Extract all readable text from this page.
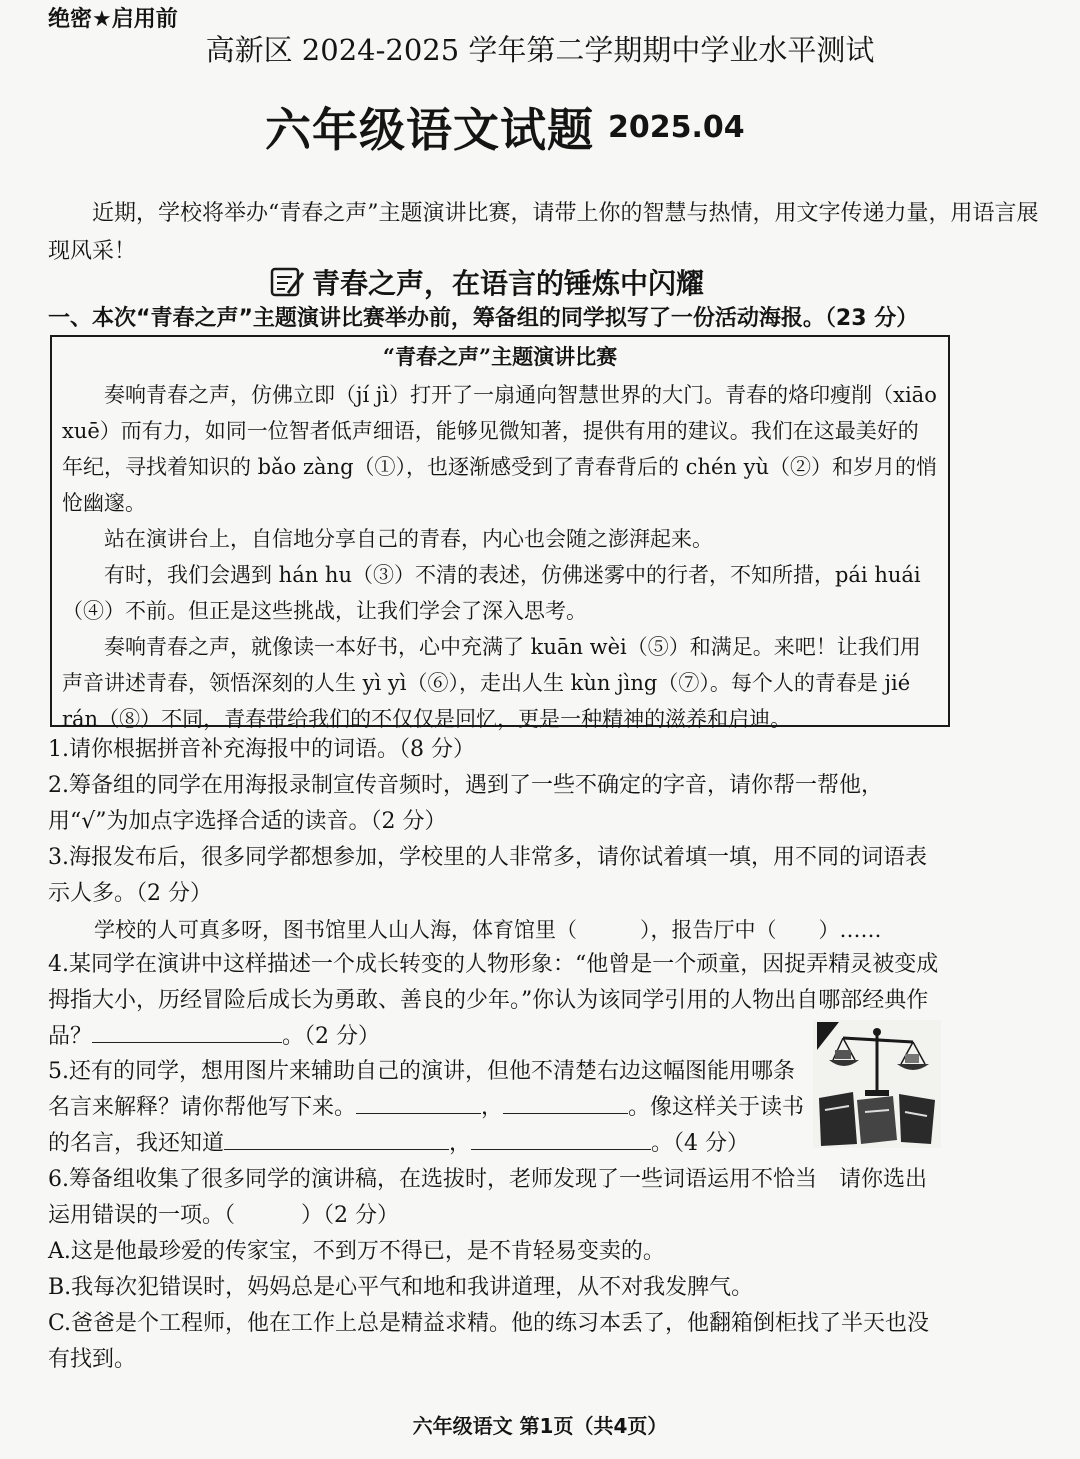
绝密★启用前
高新区 2024-2025 学年第二学期期中学业水平测试
六年级语文试题 2025.04
近期，学校将举办“青春之声”主题演讲比赛，请带上你的智慧与热情，用文字传递力量，用语言展现风采！
青春之声，在语言的锤炼中闪耀
一、本次“青春之声”主题演讲比赛举办前，筹备组的同学拟写了一份活动海报。（23 分）
“青春之声”主题演讲比赛

奏响青春之声，仿佛立即（jí jì）打开了一扇通向智慧世界的大门。青春的烙印瘦削（xiāo xuē）而有力，如同一位智者低声细语，能够见微知著，提供有用的建议。我们在这最美好的年纪，寻找着知识的 bǎo zàng（①），也逐渐感受到了青春背后的 chén yù（②）和岁月的悄怆幽邃。

站在演讲台上，自信地分享自己的青春，内心也会随之澎湃起来。

有时，我们会遇到 hán hu（③）不清的表述，仿佛迷雾中的行者，不知所措，pái huái（④）不前。但正是这些挑战，让我们学会了深入思考。

奏响青春之声，就像读一本好书，心中充满了 kuān wèi（⑤）和满足。来吧！让我们用声音讲述青春，领悟深刻的人生 yì yì（⑥），走出人生 kùn jìng（⑦）。每个人的青春是 jié rán（⑧）不同，青春带给我们的不仅仅是回忆，更是一种精神的滋养和启迪。

1.请你根据拼音补充海报中的词语。（8 分）
2.筹备组的同学在用海报录制宣传音频时，遇到了一些不确定的字音，请你帮一帮他，用“√”为加点字选择合适的读音。（2 分）
3.海报发布后，很多同学都想参加，学校里的人非常多，请你试着填一填，用不同的词语表示人多。（2 分）
学校的人可真多呀，图书馆里人山人海，体育馆里（　　　），报告厅中（　　）……
4.某同学在演讲中这样描述一个成长转变的人物形象：“他曾是一个顽童，因捉弄精灵被变成拇指大小，历经冒险后成长为勇敢、善良的少年。”你认为该同学引用的人物出自哪部经典作品？	。（2 分）
5.还有的同学，想用图片来辅助自己的演讲，但他不清楚右边这幅图能用哪条名言来解释？请你帮他写下来。	，	。像这样关于读书的名言，我还知道	，	。（4 分）
6.筹备组收集了很多同学的演讲稿，在选拔时，老师发现了一些词语运用不恰当　请你选出运用错误的一项。（　　　）（2 分）
A.这是他最珍爱的传家宝，不到万不得已，是不肯轻易变卖的。
B.我每次犯错误时，妈妈总是心平气和地和我讲道理，从不对我发脾气。
C.爸爸是个工程师，他在工作上总是精益求精。他的练习本丢了，他翻箱倒柜找了半天也没有找到。
六年级语文 第1页（共4页）
